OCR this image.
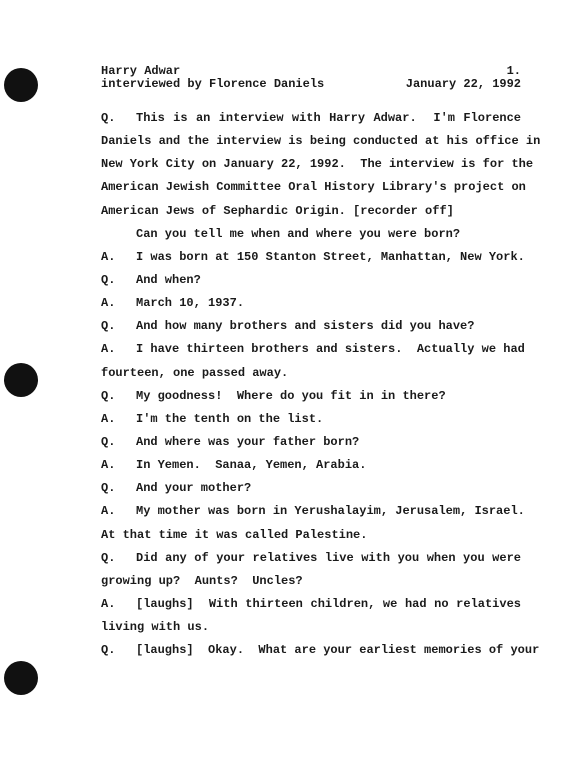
Harry Adwar	1.
interviewed by Florence Daniels	January 22, 1992
Q. This is an interview with Harry Adwar.  I'm Florence
Daniels and the interview is being conducted at his office in
New York City on January 22, 1992.  The interview is for the
American Jewish Committee Oral History Library's project on
American Jews of Sephardic Origin. [recorder off]
Can you tell me when and where you were born?
A. I was born at 150 Stanton Street, Manhattan, New York.
Q. And when?
A. March 10, 1937.
Q. And how many brothers and sisters did you have?
A. I have thirteen brothers and sisters.  Actually we had
fourteen, one passed away.
Q. My goodness!  Where do you fit in in there?
A. I'm the tenth on the list.
Q. And where was your father born?
A. In Yemen.  Sanaa, Yemen, Arabia.
Q. And your mother?
A. My mother was born in Yerushalayim, Jerusalem, Israel.
At that time it was called Palestine.
Q. Did any of your relatives live with you when you were
growing up?  Aunts?  Uncles?
A. [laughs]  With thirteen children, we had no relatives
living with us.
Q. [laughs]  Okay.  What are your earliest memories of your
